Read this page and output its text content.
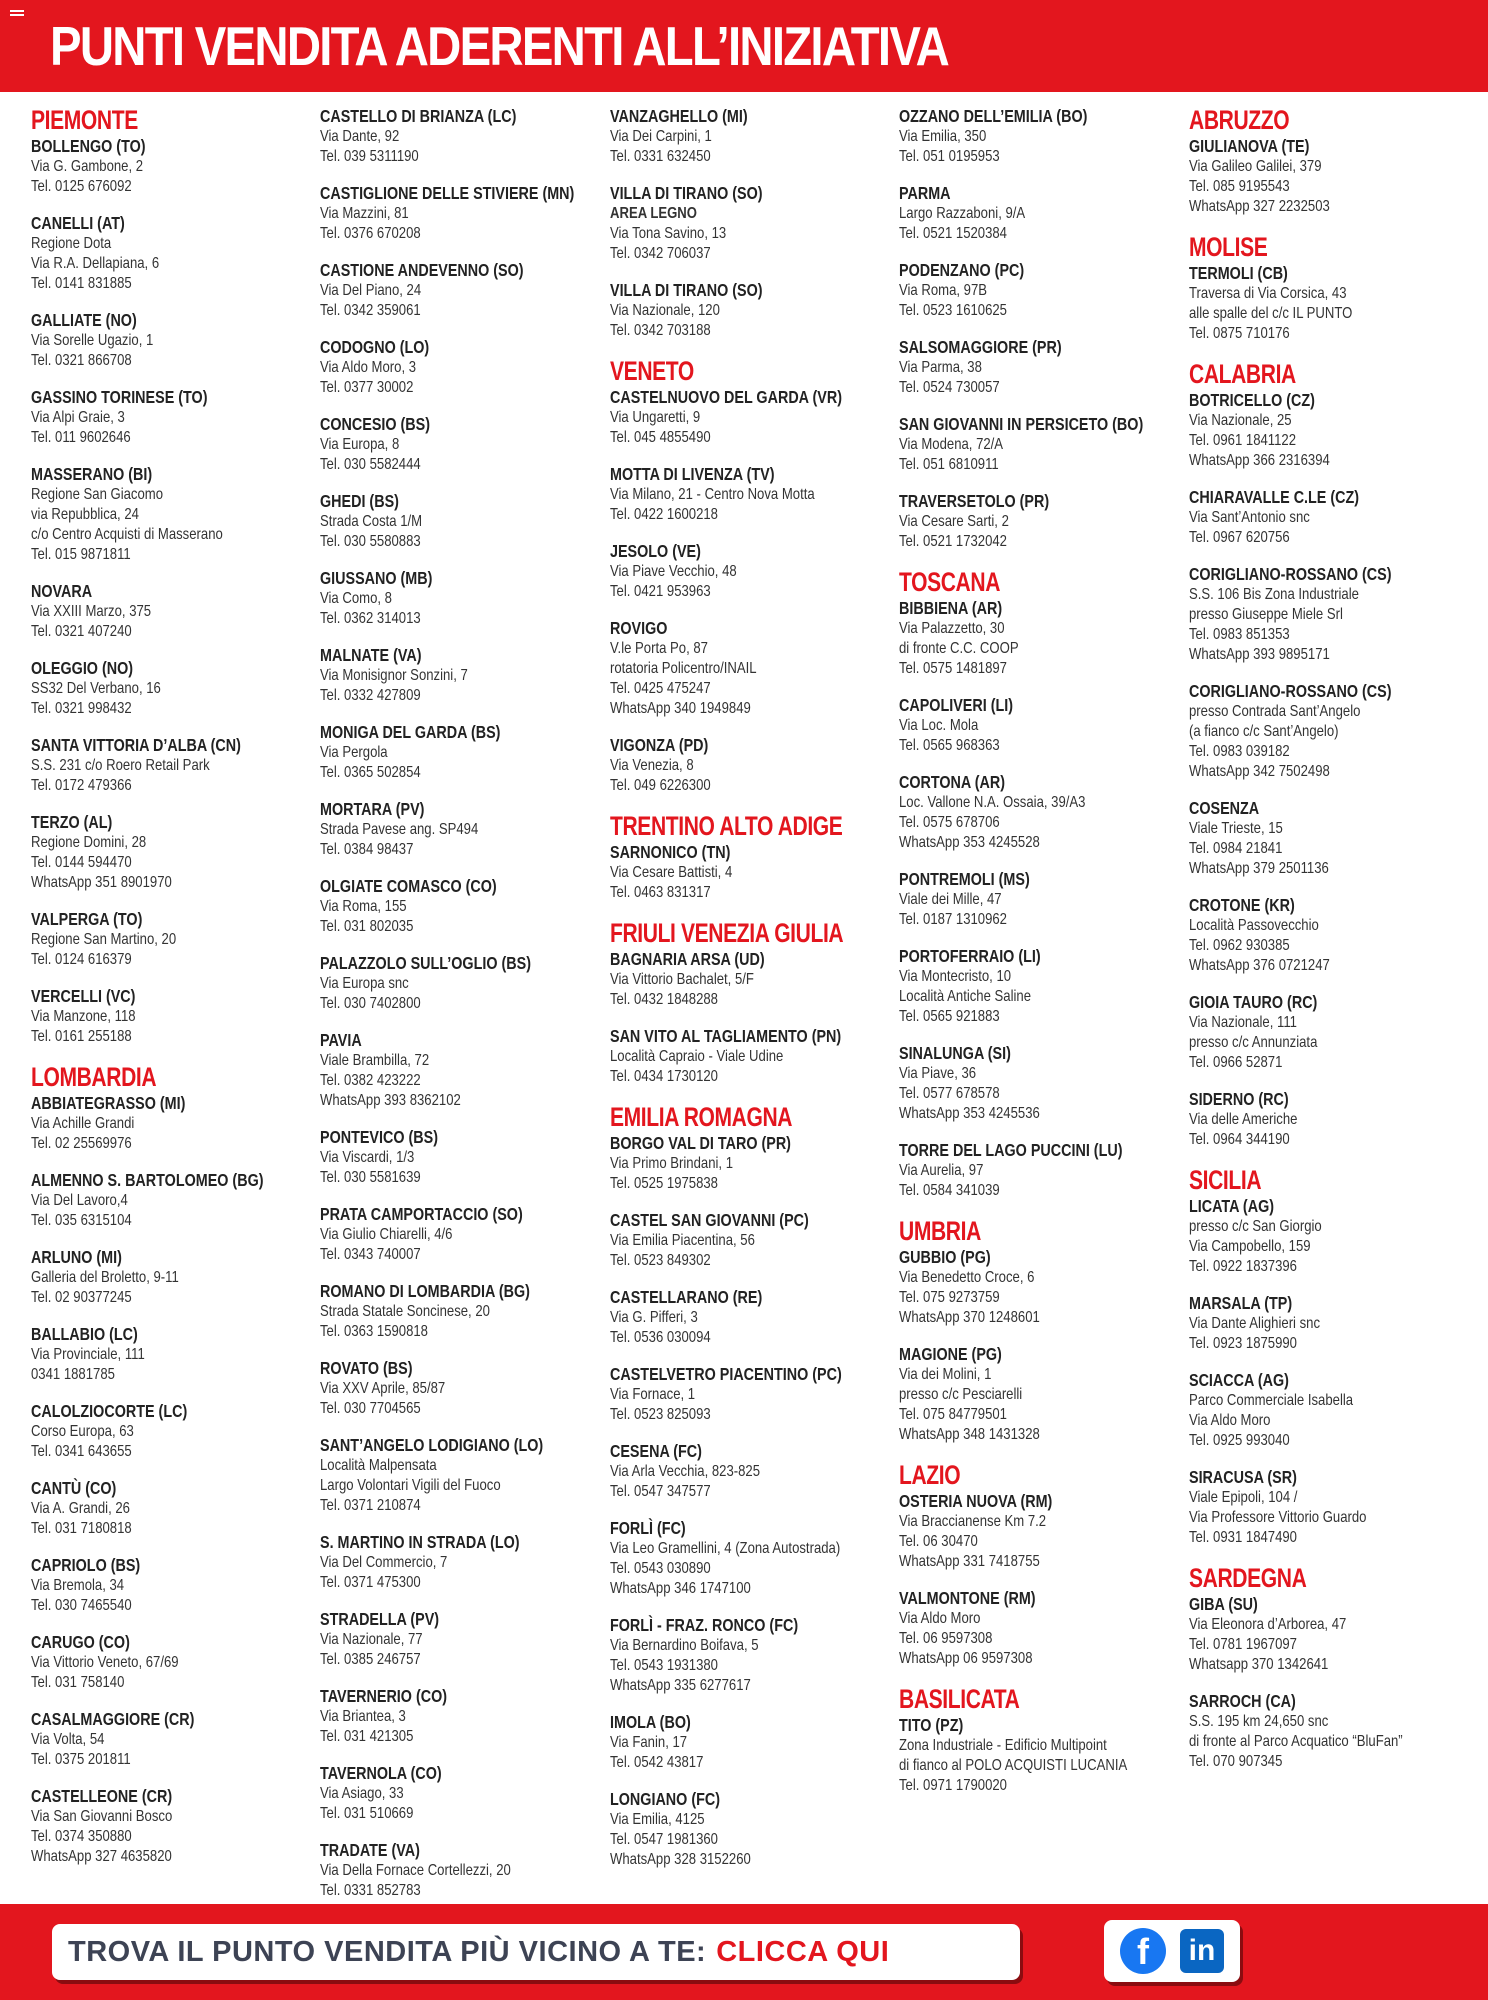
PUNTI VENDITA ADERENTI ALL’INIZIATIVA
PIEMONTE
BOLLENGO (TO)
Via G. Gambone, 2
Tel. 0125 676092
CANELLI (AT)
Regione Dota
Via R.A. Dellapiana, 6
Tel. 0141 831885
GALLIATE (NO)
Via Sorelle Ugazio, 1
Tel. 0321 866708
GASSINO TORINESE (TO)
Via Alpi Graie, 3
Tel. 011 9602646
MASSERANO (BI)
Regione San Giacomo
via Repubblica, 24
c/o Centro Acquisti di Masserano
Tel. 015 9871811
NOVARA
Via XXIII Marzo, 375
Tel. 0321 407240
OLEGGIO (NO)
SS32 Del Verbano, 16
Tel. 0321 998432
SANTA VITTORIA D’ALBA (CN)
S.S. 231 c/o Roero Retail Park
Tel. 0172 479366
TERZO (AL)
Regione Domini, 28
Tel. 0144 594470
WhatsApp 351 8901970
VALPERGA (TO)
Regione San Martino, 20
Tel. 0124 616379
VERCELLI (VC)
Via Manzone, 118
Tel. 0161 255188
LOMBARDIA
ABBIATEGRASSO (MI)
Via Achille Grandi
Tel. 02 25569976
ALMENNO S. BARTOLOMEO (BG)
Via Del Lavoro,4
Tel. 035 6315104
ARLUNO (MI)
Galleria del Broletto, 9-11
Tel. 02 90377245
BALLABIO (LC)
Via Provinciale, 111
0341 1881785
CALOLZIOCORTE (LC)
Corso Europa, 63
Tel. 0341 643655
CANTÙ (CO)
Via A. Grandi, 26
Tel. 031 7180818
CAPRIOLO (BS)
Via Bremola, 34
Tel. 030 7465540
CARUGO (CO)
Via Vittorio Veneto, 67/69
Tel. 031 758140
CASALMAGGIORE (CR)
Via Volta, 54
Tel. 0375 201811
CASTELLEONE (CR)
Via San Giovanni Bosco
Tel. 0374 350880
WhatsApp 327 4635820
CASTELLO DI BRIANZA (LC)
Via Dante, 92
Tel. 039 5311190
CASTIGLIONE DELLE STIVIERE (MN)
Via Mazzini, 81
Tel. 0376 670208
CASTIONE ANDEVENNO (SO)
Via Del Piano, 24
Tel. 0342 359061
CODOGNO (LO)
Via Aldo Moro, 3
Tel. 0377 30002
CONCESIO (BS)
Via Europa, 8
Tel. 030 5582444
GHEDI (BS)
Strada Costa 1/M
Tel. 030 5580883
GIUSSANO (MB)
Via Como, 8
Tel. 0362 314013
MALNATE (VA)
Via Monisignor Sonzini, 7
Tel. 0332 427809
MONIGA DEL GARDA (BS)
Via Pergola
Tel. 0365 502854
MORTARA (PV)
Strada Pavese ang. SP494
Tel. 0384 98437
OLGIATE COMASCO (CO)
Via Roma, 155
Tel. 031 802035
PALAZZOLO SULL’OGLIO (BS)
Via Europa snc
Tel. 030 7402800
PAVIA
Viale Brambilla, 72
Tel. 0382 423222
WhatsApp 393 8362102
PONTEVICO (BS)
Via Viscardi, 1/3
Tel. 030 5581639
PRATA CAMPORTACCIO (SO)
Via Giulio Chiarelli, 4/6
Tel. 0343 740007
ROMANO DI LOMBARDIA (BG)
Strada Statale Soncinese, 20
Tel. 0363 1590818
ROVATO (BS)
Via XXV Aprile, 85/87
Tel. 030 7704565
SANT’ANGELO LODIGIANO (LO)
Località Malpensata
Largo Volontari Vigili del Fuoco
Tel. 0371 210874
S. MARTINO IN STRADA (LO)
Via Del Commercio, 7
Tel. 0371 475300
STRADELLA (PV)
Via Nazionale, 77
Tel. 0385 246757
TAVERNERIO (CO)
Via Briantea, 3
Tel. 031 421305
TAVERNOLA (CO)
Via Asiago, 33
Tel. 031 510669
TRADATE (VA)
Via Della Fornace Cortellezzi, 20
Tel. 0331 852783
VANZAGHELLO (MI)
Via Dei Carpini, 1
Tel. 0331 632450
VILLA DI TIRANO (SO)
AREA LEGNO
Via Tona Savino, 13
Tel. 0342 706037
VILLA DI TIRANO (SO)
Via Nazionale, 120
Tel. 0342 703188
VENETO
CASTELNUOVO DEL GARDA (VR)
Via Ungaretti, 9
Tel. 045 4855490
MOTTA DI LIVENZA (TV)
Via Milano, 21 - Centro Nova Motta
Tel. 0422 1600218
JESOLO (VE)
Via Piave Vecchio, 48
Tel. 0421 953963
ROVIGO
V.le Porta Po, 87
rotatoria Policentro/INAIL
Tel. 0425 475247
WhatsApp 340 1949849
VIGONZA (PD)
Via Venezia, 8
Tel. 049 6226300
TRENTINO ALTO ADIGE
SARNONICO (TN)
Via Cesare Battisti, 4
Tel. 0463 831317
FRIULI VENEZIA GIULIA
BAGNARIA ARSA (UD)
Via Vittorio Bachalet, 5/F
Tel. 0432 1848288
SAN VITO AL TAGLIAMENTO (PN)
Località Capraio - Viale Udine
Tel. 0434 1730120
EMILIA ROMAGNA
BORGO VAL DI TARO (PR)
Via Primo Brindani, 1
Tel. 0525 1975838
CASTEL SAN GIOVANNI (PC)
Via Emilia Piacentina, 56
Tel. 0523 849302
CASTELLARANO (RE)
Via G. Pifferi, 3
Tel. 0536 030094
CASTELVETRO PIACENTINO (PC)
Via Fornace, 1
Tel. 0523 825093
CESENA (FC)
Via Arla Vecchia, 823-825
Tel. 0547 347577
FORLÌ (FC)
Via Leo Gramellini, 4 (Zona Autostrada)
Tel. 0543 030890
WhatsApp 346 1747100
FORLÌ - FRAZ. RONCO (FC)
Via Bernardino Boifava, 5
Tel. 0543 1931380
WhatsApp 335 6277617
IMOLA (BO)
Via Fanin, 17
Tel. 0542 43817
LONGIANO (FC)
Via Emilia, 4125
Tel. 0547 1981360
WhatsApp 328 3152260
OZZANO DELL’EMILIA (BO)
Via Emilia, 350
Tel. 051 0195953
PARMA
Largo Razzaboni, 9/A
Tel. 0521 1520384
PODENZANO (PC)
Via Roma, 97B
Tel. 0523 1610625
SALSOMAGGIORE (PR)
Via Parma, 38
Tel. 0524 730057
SAN GIOVANNI IN PERSICETO (BO)
Via Modena, 72/A
Tel. 051 6810911
TRAVERSETOLO (PR)
Via Cesare Sarti, 2
Tel. 0521 1732042
TOSCANA
BIBBIENA (AR)
Via Palazzetto, 30
di fronte C.C. COOP
Tel. 0575 1481897
CAPOLIVERI (LI)
Via Loc. Mola
Tel. 0565 968363
CORTONA (AR)
Loc. Vallone N.A. Ossaia, 39/A3
Tel. 0575 678706
WhatsApp 353 4245528
PONTREMOLI (MS)
Viale dei Mille, 47
Tel. 0187 1310962
PORTOFERRAIO (LI)
Via Montecristo, 10
Località Antiche Saline
Tel. 0565 921883
SINALUNGA (SI)
Via Piave, 36
Tel. 0577 678578
WhatsApp 353 4245536
TORRE DEL LAGO PUCCINI (LU)
Via Aurelia, 97
Tel. 0584 341039
UMBRIA
GUBBIO (PG)
Via Benedetto Croce, 6
Tel. 075 9273759
WhatsApp 370 1248601
MAGIONE (PG)
Via dei Molini, 1
presso c/c Pesciarelli
Tel. 075 84779501
WhatsApp 348 1431328
LAZIO
OSTERIA NUOVA (RM)
Via Braccianense Km 7.2
Tel. 06 30470
WhatsApp 331 7418755
VALMONTONE (RM)
Via Aldo Moro
Tel. 06 9597308
WhatsApp 06 9597308
BASILICATA
TITO (PZ)
Zona Industriale - Edificio Multipoint
di fianco al POLO ACQUISTI LUCANIA
Tel. 0971 1790020
ABRUZZO
GIULIANOVA (TE)
Via Galileo Galilei, 379
Tel. 085 9195543
WhatsApp 327 2232503
MOLISE
TERMOLI (CB)
Traversa di Via Corsica, 43
alle spalle del c/c IL PUNTO
Tel. 0875 710176
CALABRIA
BOTRICELLO (CZ)
Via Nazionale, 25
Tel. 0961 1841122
WhatsApp 366 2316394
CHIARAVALLE C.LE (CZ)
Via Sant’Antonio snc
Tel. 0967 620756
CORIGLIANO-ROSSANO (CS)
S.S. 106 Bis Zona Industriale
presso Giuseppe Miele Srl
Tel. 0983 851353
WhatsApp 393 9895171
CORIGLIANO-ROSSANO (CS)
presso Contrada Sant’Angelo
(a fianco c/c Sant’Angelo)
Tel. 0983 039182
WhatsApp 342 7502498
COSENZA
Viale Trieste, 15
Tel. 0984 21841
WhatsApp 379 2501136
CROTONE (KR)
Località Passovecchio
Tel. 0962 930385
WhatsApp 376 0721247
GIOIA TAURO (RC)
Via Nazionale, 111
presso c/c Annunziata
Tel. 0966 52871
SIDERNO (RC)
Via delle Americhe
Tel. 0964 344190
SICILIA
LICATA (AG)
presso c/c San Giorgio
Via Campobello, 159
Tel. 0922 1837396
MARSALA (TP)
Via Dante Alighieri snc
Tel. 0923 1875990
SCIACCA (AG)
Parco Commerciale Isabella
Via Aldo Moro
Tel. 0925 993040
SIRACUSA (SR)
Viale Epipoli, 104 /
Via Professore Vittorio Guardo
Tel. 0931 1847490
SARDEGNA
GIBA (SU)
Via Eleonora d’Arborea, 47
Tel. 0781 1967097
Whatsapp 370 1342641
SARROCH (CA)
S.S. 195 km 24,650 snc
di fronte al Parco Acquatico “BluFan”
Tel. 070 907345
TROVA IL PUNTO VENDITA PIÙ VICINO A TE: CLICCA QUI	f	in
